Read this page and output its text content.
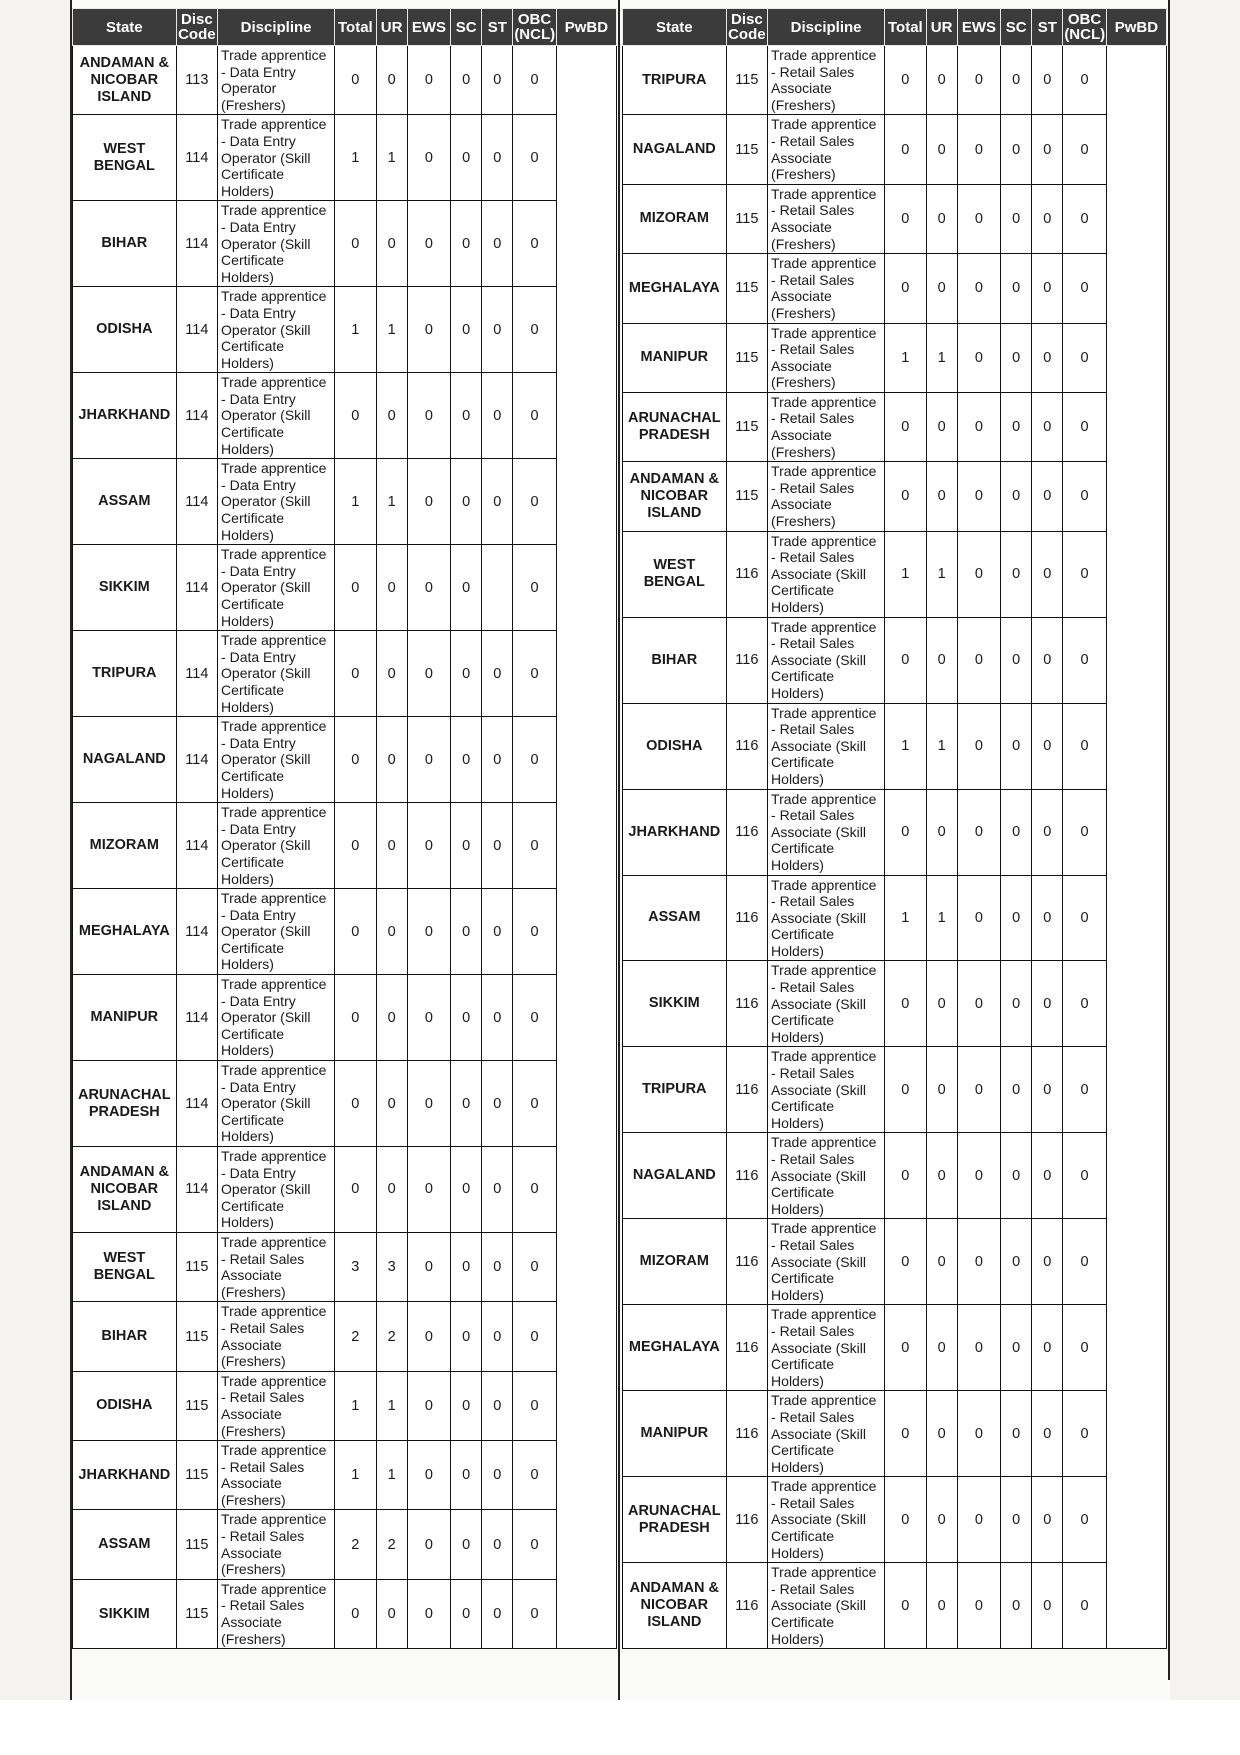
State	Disc Code	Discipline	Total	UR	EWS	SC	ST	OBC (NCL)	PwBD
ANDAMAN & NICOBAR ISLAND	113	Trade apprentice - Data Entry Operator (Freshers)	0	0	0	0	0	0	
WEST BENGAL	114	Trade apprentice - Data Entry Operator (Skill Certificate Holders)	1	1	0	0	0	0	
BIHAR	114	Trade apprentice - Data Entry Operator (Skill Certificate Holders)	0	0	0	0	0	0	
ODISHA	114	Trade apprentice - Data Entry Operator (Skill Certificate Holders)	1	1	0	0	0	0	
JHARKHAND	114	Trade apprentice - Data Entry Operator (Skill Certificate Holders)	0	0	0	0	0	0	
ASSAM	114	Trade apprentice - Data Entry Operator (Skill Certificate Holders)	1	1	0	0	0	0	
SIKKIM	114	Trade apprentice - Data Entry Operator (Skill Certificate Holders)	0	0	0	0		0	
TRIPURA	114	Trade apprentice - Data Entry Operator (Skill Certificate Holders)	0	0	0	0	0	0	
NAGALAND	114	Trade apprentice - Data Entry Operator (Skill Certificate Holders)	0	0	0	0	0	0	
MIZORAM	114	Trade apprentice - Data Entry Operator (Skill Certificate Holders)	0	0	0	0	0	0	
MEGHALAYA	114	Trade apprentice - Data Entry Operator (Skill Certificate Holders)	0	0	0	0	0	0	
MANIPUR	114	Trade apprentice - Data Entry Operator (Skill Certificate Holders)	0	0	0	0	0	0	
ARUNACHAL PRADESH	114	Trade apprentice - Data Entry Operator (Skill Certificate Holders)	0	0	0	0	0	0	
ANDAMAN & NICOBAR ISLAND	114	Trade apprentice - Data Entry Operator (Skill Certificate Holders)	0	0	0	0	0	0	
WEST BENGAL	115	Trade apprentice - Retail Sales Associate (Freshers)	3	3	0	0	0	0	
BIHAR	115	Trade apprentice - Retail Sales Associate (Freshers)	2	2	0	0	0	0	
ODISHA	115	Trade apprentice - Retail Sales Associate (Freshers)	1	1	0	0	0	0	
JHARKHAND	115	Trade apprentice - Retail Sales Associate (Freshers)	1	1	0	0	0	0	
ASSAM	115	Trade apprentice - Retail Sales Associate (Freshers)	2	2	0	0	0	0	
SIKKIM	115	Trade apprentice - Retail Sales Associate (Freshers)	0	0	0	0	0	0	
State	Disc Code	Discipline	Total	UR	EWS	SC	ST	OBC (NCL)	PwBD
TRIPURA	115	Trade apprentice - Retail Sales Associate (Freshers)	0	0	0	0	0	0	
NAGALAND	115	Trade apprentice - Retail Sales Associate (Freshers)	0	0	0	0	0	0	
MIZORAM	115	Trade apprentice - Retail Sales Associate (Freshers)	0	0	0	0	0	0	
MEGHALAYA	115	Trade apprentice - Retail Sales Associate (Freshers)	0	0	0	0	0	0	
MANIPUR	115	Trade apprentice - Retail Sales Associate (Freshers)	1	1	0	0	0	0	
ARUNACHAL PRADESH	115	Trade apprentice - Retail Sales Associate (Freshers)	0	0	0	0	0	0	
ANDAMAN & NICOBAR ISLAND	115	Trade apprentice - Retail Sales Associate (Freshers)	0	0	0	0	0	0	
WEST BENGAL	116	Trade apprentice - Retail Sales Associate (Skill Certificate Holders)	1	1	0	0	0	0	
BIHAR	116	Trade apprentice - Retail Sales Associate (Skill Certificate Holders)	0	0	0	0	0	0	
ODISHA	116	Trade apprentice - Retail Sales Associate (Skill Certificate Holders)	1	1	0	0	0	0	
JHARKHAND	116	Trade apprentice - Retail Sales Associate (Skill Certificate Holders)	0	0	0	0	0	0	
ASSAM	116	Trade apprentice - Retail Sales Associate (Skill Certificate Holders)	1	1	0	0	0	0	
SIKKIM	116	Trade apprentice - Retail Sales Associate (Skill Certificate Holders)	0	0	0	0	0	0	
TRIPURA	116	Trade apprentice - Retail Sales Associate (Skill Certificate Holders)	0	0	0	0	0	0	
NAGALAND	116	Trade apprentice - Retail Sales Associate (Skill Certificate Holders)	0	0	0	0	0	0	
MIZORAM	116	Trade apprentice - Retail Sales Associate (Skill Certificate Holders)	0	0	0	0	0	0	
MEGHALAYA	116	Trade apprentice - Retail Sales Associate (Skill Certificate Holders)	0	0	0	0	0	0	
MANIPUR	116	Trade apprentice - Retail Sales Associate (Skill Certificate Holders)	0	0	0	0	0	0	
ARUNACHAL PRADESH	116	Trade apprentice - Retail Sales Associate (Skill Certificate Holders)	0	0	0	0	0	0	
ANDAMAN & NICOBAR ISLAND	116	Trade apprentice - Retail Sales Associate (Skill Certificate Holders)	0	0	0	0	0	0	
